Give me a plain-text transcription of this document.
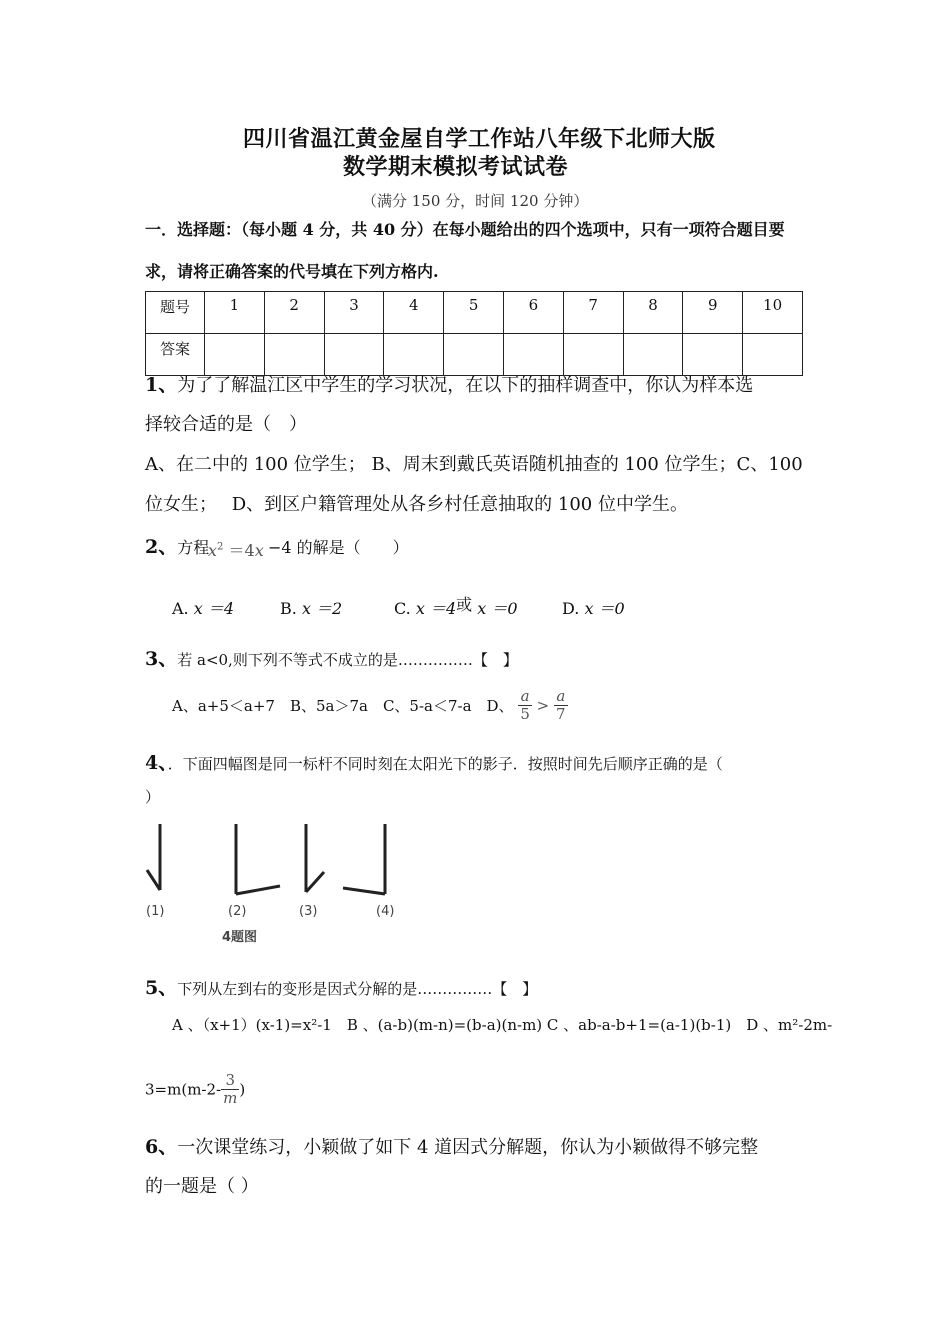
四川省温江黄金屋自学工作站八年级下北师大版
数学期末模拟考试试卷
（满分 150 分，时间 120 分钟）
一．选择题：（每小题 4 分，共 40 分）在每小题给出的四个选项中，只有一项符合题目要
求，请将正确答案的代号填在下列方格内.
题号	1	2	3	4	5	6	7	8	9	10
答案										
1、为了了解温江区中学生的学习状况，在以下的抽样调查中，你认为样本选
择较合适的是（　）
A、在二中的 100 位学生； B、周末到戴氏英语随机抽查的 100 位学生；C、100
位女生；　 D、到区户籍管理处从各乡村任意抽取的 100 位中学生。
2、方程
$x^2 =4x -4$ 的解是（　　）
A. x ＝4	B. x ＝2	C. x ＝4或 x ＝0	D. x ＝0
3、若 a<0,则下列不等式不成立的是……………【　】
A、a+5＜a+7　B、5a＞7a　C、5-a＜7-a　D、 $\frac{a}{5} > \frac{a}{7}$
4、．下面四幅图是同一标杆不同时刻在太阳光下的影子．按照时间先后顺序正确的是（
）
(1)	(2)	(3)	(4)
4题图
5、下列从左到右的变形是因式分解的是……………【　】
A 、（x+1）(x-1)=x²-1　B 、(a-b)(m-n)=(b-a)(n-m) C 、ab-a-b+1=(a-1)(b-1)　D 、m²-2m-
$3=m(m-2- \frac{3}{m}$ )
6、一次课堂练习，小颖做了如下 4 道因式分解题，你认为小颖做得不够完整
的一题是（ ）
